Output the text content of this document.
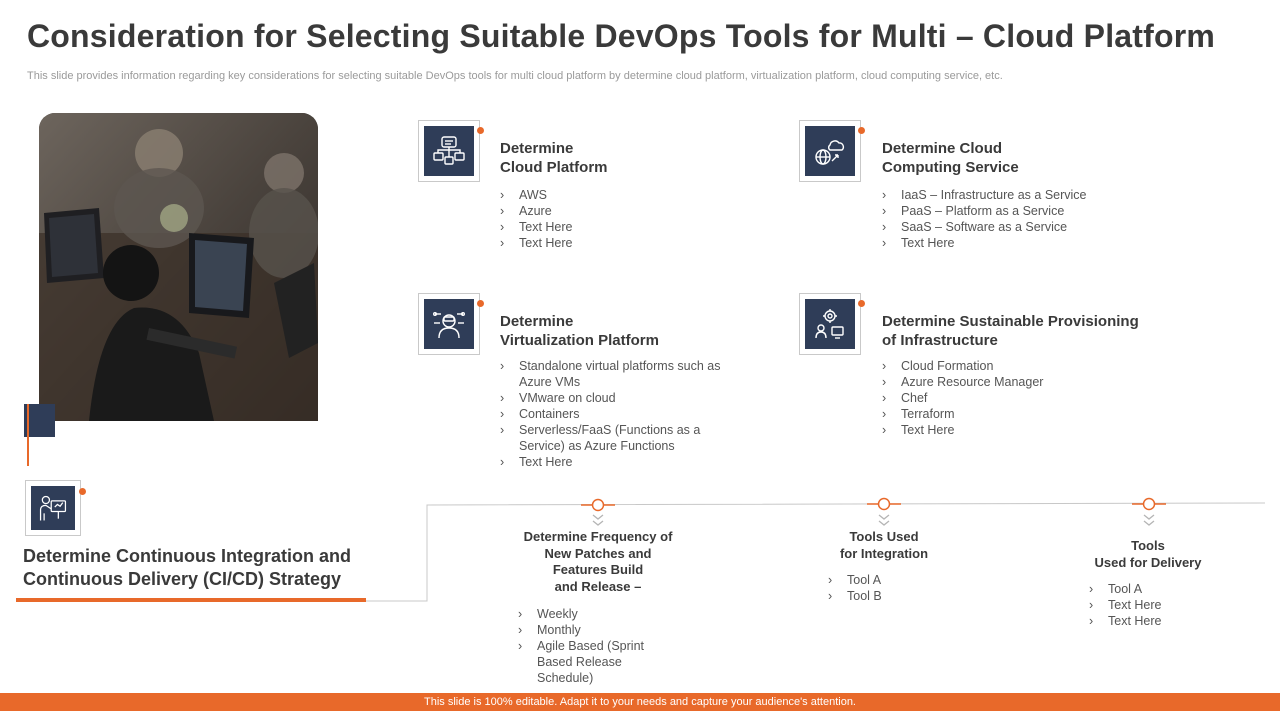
Consideration for Selecting Suitable DevOps Tools for Multi – Cloud Platform
This slide provides information regarding key considerations for selecting suitable DevOps tools for multi cloud platform by determine cloud platform, virtualization platform, cloud computing service, etc.
Determine
Cloud Platform
› AWS
› Azure
› Text Here
› Text Here
Determine Cloud
Computing Service
› IaaS – Infrastructure as a Service
› PaaS – Platform as a Service
› SaaS – Software as a Service
› Text Here
Determine
Virtualization Platform
› Standalone virtual platforms such as Azure VMs
› VMware on cloud
› Containers
› Serverless/FaaS (Functions as a Service) as Azure Functions
› Text Here
Determine Sustainable Provisioning
of Infrastructure
› Cloud Formation
› Azure Resource Manager
› Chef
› Terraform
› Text Here
Determine Continuous Integration and
Continuous Delivery (CI/CD) Strategy
Determine Frequency of
New Patches and
Features Build
and Release –
› Weekly
› Monthly
› Agile Based (Sprint Based Release Schedule)
Tools Used
for Integration
› Tool A
› Tool B
Tools
Used for Delivery
› Tool A
› Text Here
› Text Here
This slide is 100% editable. Adapt it to your needs and capture your audience's attention.
